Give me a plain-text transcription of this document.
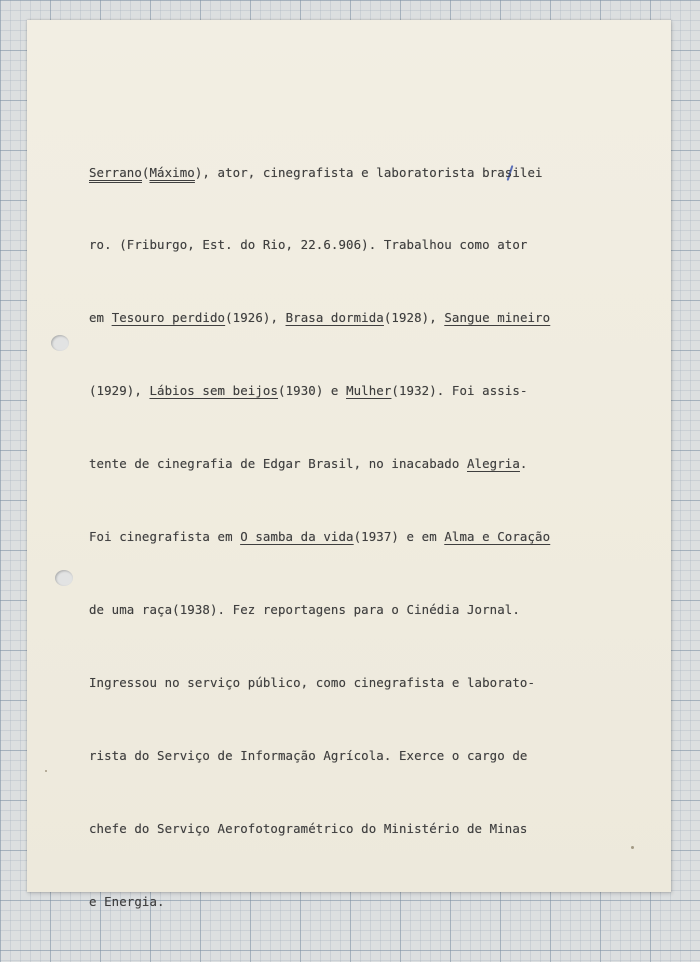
Serrano(Máximo), ator, cinegrafista e laboratorista brasilei

ro. (Friburgo, Est. do Rio, 22.6.906). Trabalhou como ator

em Tesouro perdido(1926), Brasa dormida(1928), Sangue mineiro

(1929), Lábios sem beijos(1930) e Mulher(1932). Foi assis-

tente de cinegrafia de Edgar Brasil, no inacabado Alegria.

Foi cinegrafista em O samba da vida(1937) e em Alma e Coração

de uma raça(1938). Fez reportagens para o Cinédia Jornal.

Ingressou no serviço público, como cinegrafista e laborato-

rista do Serviço de Informação Agrícola. Exerce o cargo de

chefe do Serviço Aerofotogramétrico do Ministério de Minas

e Energia.
